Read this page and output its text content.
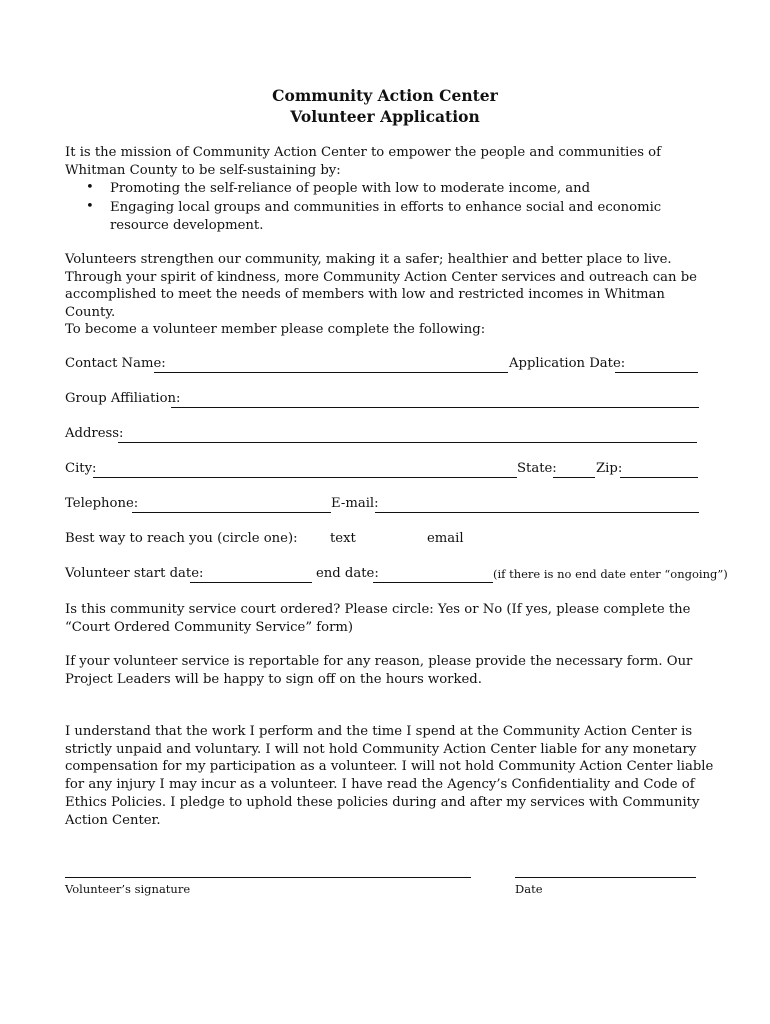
Community Action Center
Volunteer Application
It is the mission of Community Action Center to empower the people and communities of Whitman County to be self-sustaining by:
• Promoting the self-reliance of people with low to moderate income, and
• Engaging local groups and communities in efforts to enhance social and economic resource development.
Volunteers strengthen our community, making it a safer; healthier and better place to live. Through your spirit of kindness, more Community Action Center services and outreach can be accomplished to meet the needs of members with low and restricted incomes in Whitman County.
To become a volunteer member please complete the following:
Contact Name:	Application Date:
Group Affiliation:
Address:
City:	State:	Zip:
Telephone:	E-mail:
Best way to reach you (circle one): text	email
Volunteer start date:	end date:	(if there is no end date enter “ongoing”)
Is this community service court ordered? Please circle: Yes or No (If yes, please complete the “Court Ordered Community Service” form)
If your volunteer service is reportable for any reason, please provide the necessary form. Our Project Leaders will be happy to sign off on the hours worked.
I understand that the work I perform and the time I spend at the Community Action Center is strictly unpaid and voluntary. I will not hold Community Action Center liable for any monetary compensation for my participation as a volunteer. I will not hold Community Action Center liable for any injury I may incur as a volunteer. I have read the Agency’s Confidentiality and Code of Ethics Policies. I pledge to uphold these policies during and after my services with Community Action Center.
Volunteer’s signature	Date
